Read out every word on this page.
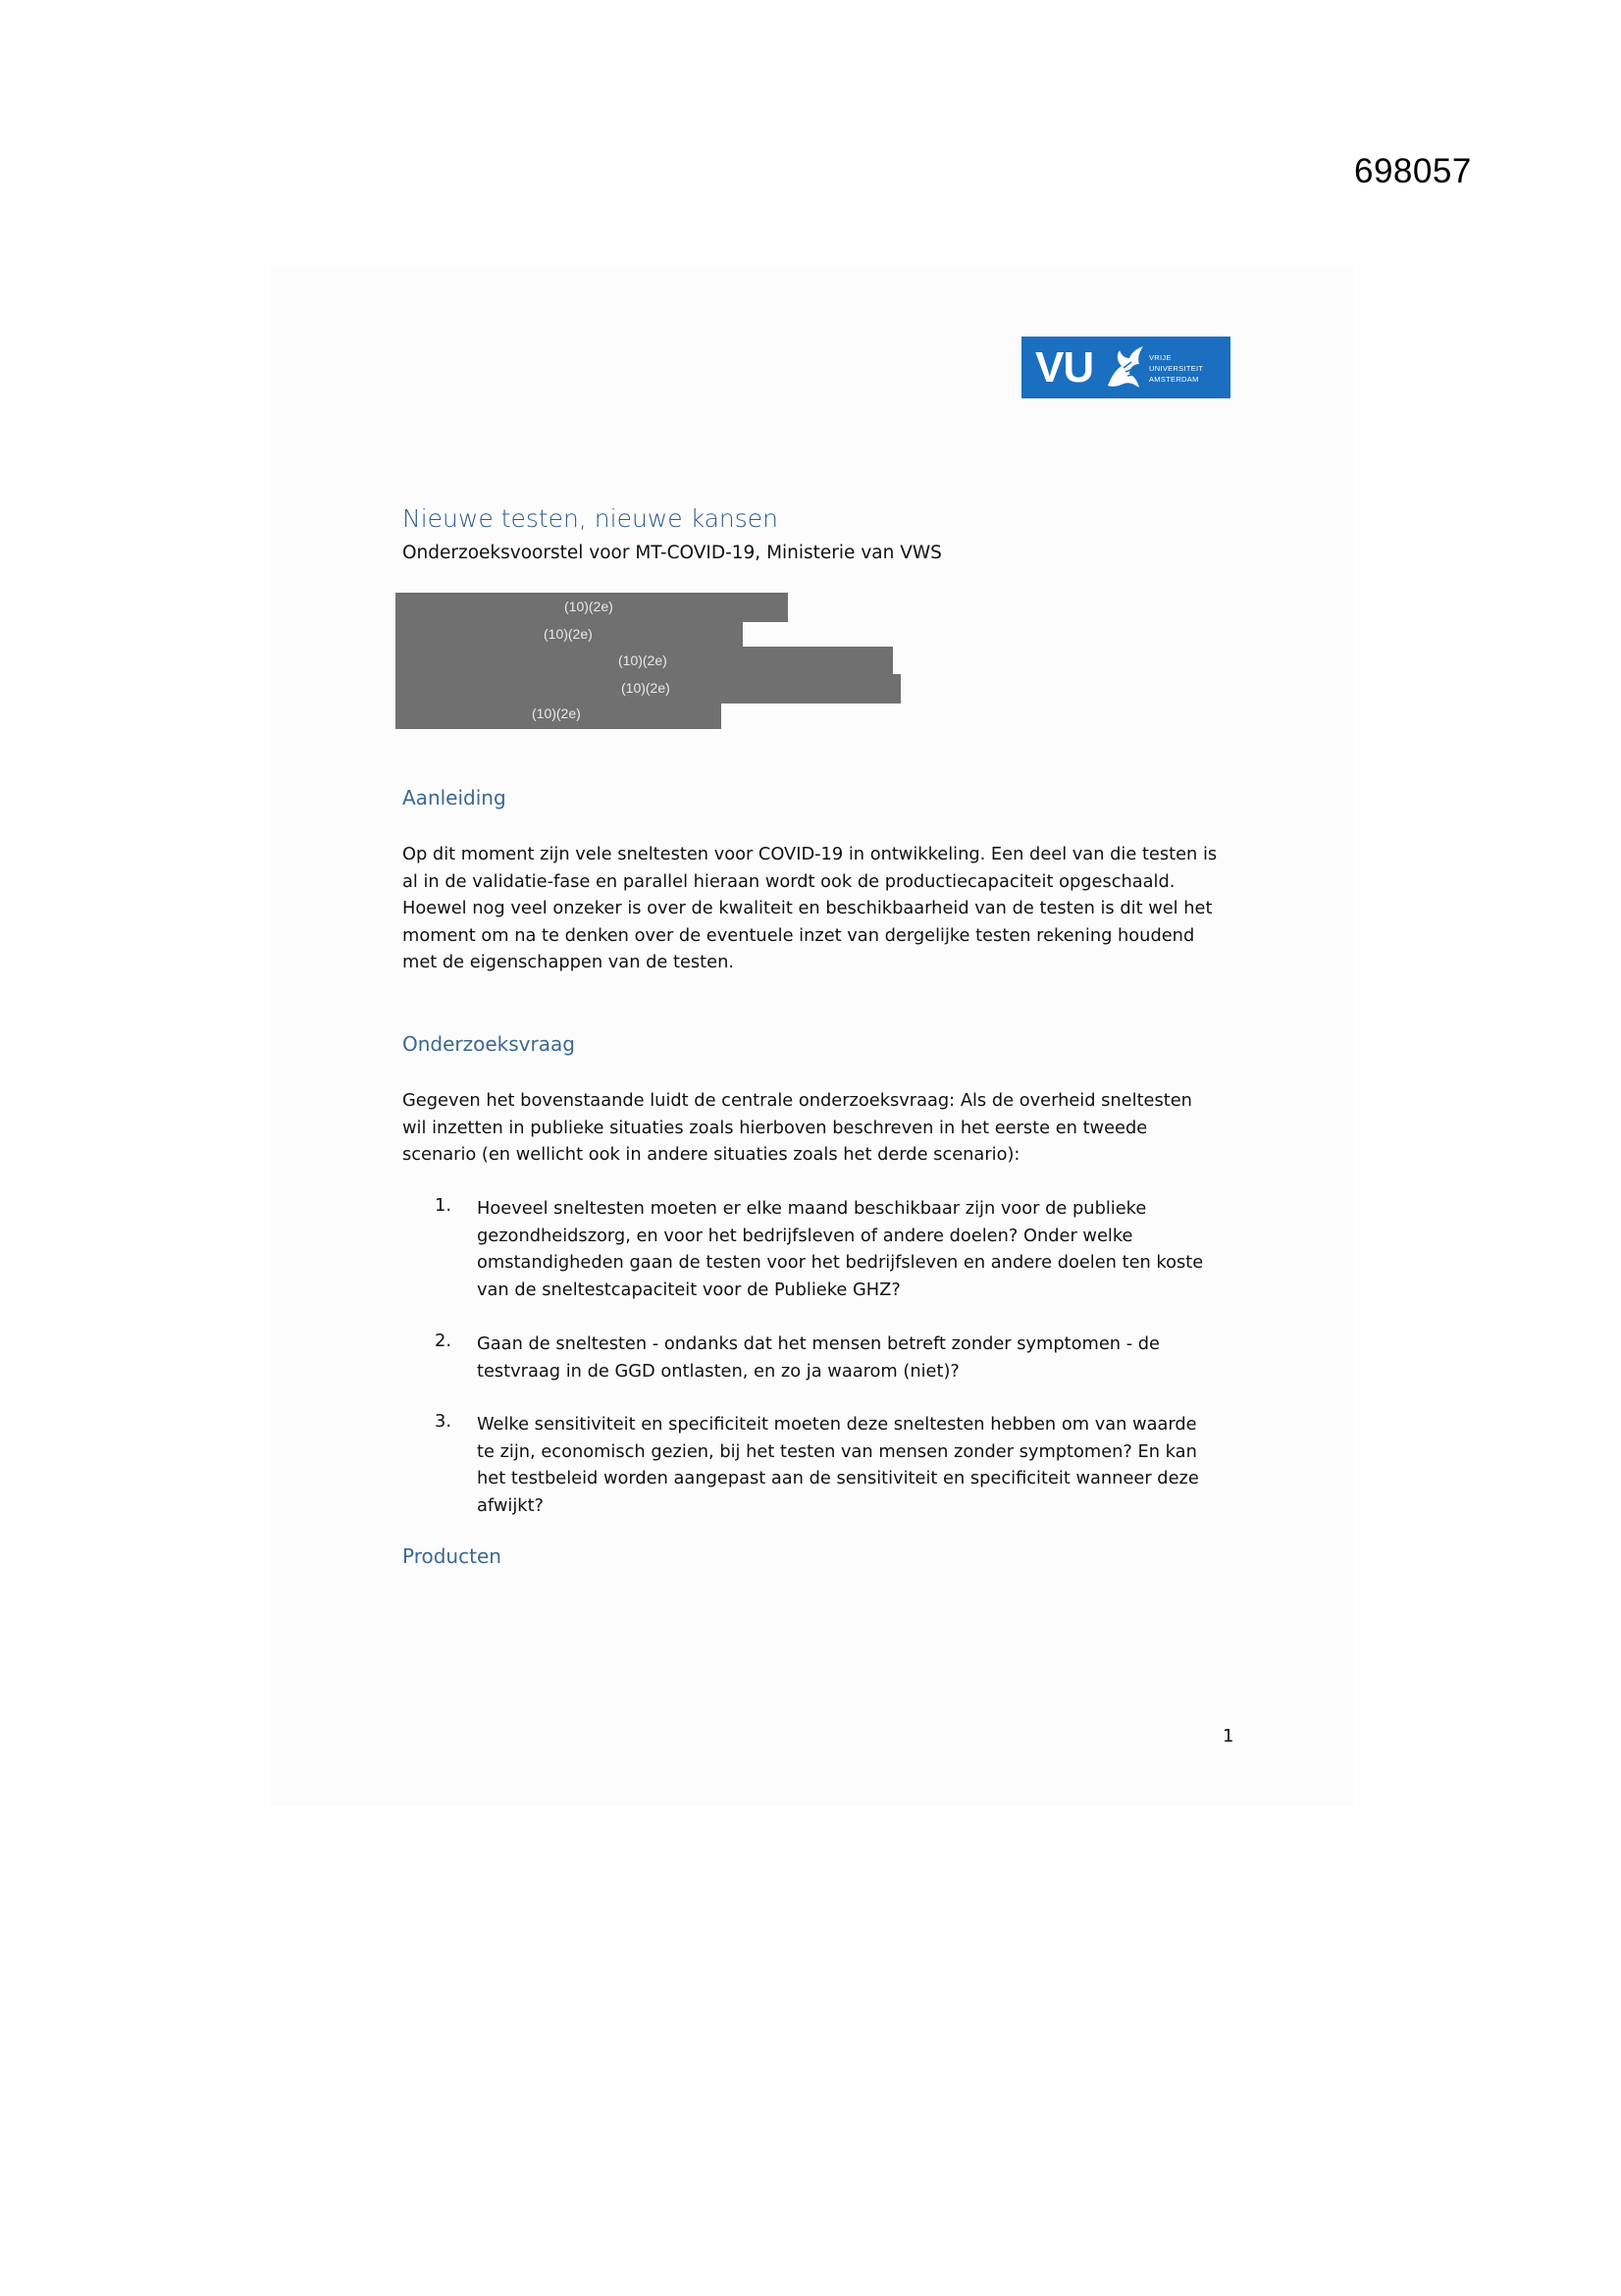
698057
VU	VRIJE
UNIVERSITEIT
AMSTERDAM
Nieuwe testen, nieuwe kansen
Onderzoeksvoorstel voor MT-COVID-19, Ministerie van VWS
(10)(2e)
(10)(2e)
(10)(2e)
(10)(2e)
(10)(2e)
Aanleiding
Op dit moment zijn vele sneltesten voor COVID-19 in ontwikkeling. Een deel van die testen is
al in de validatie-fase en parallel hieraan wordt ook de productiecapaciteit opgeschaald.
Hoewel nog veel onzeker is over de kwaliteit en beschikbaarheid van de testen is dit wel het
moment om na te denken over de eventuele inzet van dergelijke testen rekening houdend
met de eigenschappen van de testen.
Onderzoeksvraag
Gegeven het bovenstaande luidt de centrale onderzoeksvraag: Als de overheid sneltesten
wil inzetten in publieke situaties zoals hierboven beschreven in het eerste en tweede
scenario (en wellicht ook in andere situaties zoals het derde scenario):
1. Hoeveel sneltesten moeten er elke maand beschikbaar zijn voor de publieke
gezondheidszorg, en voor het bedrijfsleven of andere doelen? Onder welke
omstandigheden gaan de testen voor het bedrijfsleven en andere doelen ten koste
van de sneltestcapaciteit voor de Publieke GHZ?
2. Gaan de sneltesten - ondanks dat het mensen betreft zonder symptomen - de
testvraag in de GGD ontlasten, en zo ja waarom (niet)?
3. Welke sensitiviteit en specificiteit moeten deze sneltesten hebben om van waarde
te zijn, economisch gezien, bij het testen van mensen zonder symptomen? En kan
het testbeleid worden aangepast aan de sensitiviteit en specificiteit wanneer deze
afwijkt?
Producten
1
